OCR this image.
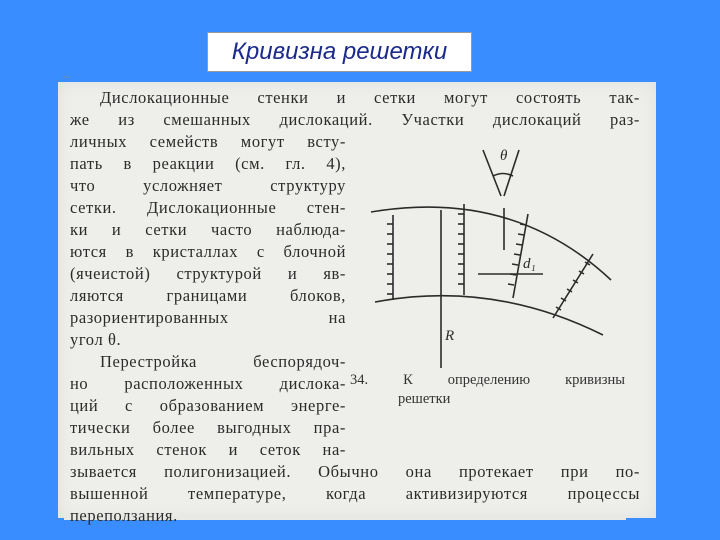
Кривизна решетки
~

Дислокационные стенки и сетки могут состоять так-

же из смешанных дислокаций. Участки дислокаций раз-

личных семейств могут всту-

пать в реакции (см. гл. 4),

что усложняет структуру

сетки. Дислокационные стен-

ки и сетки часто наблюда-

ются в кристаллах с блочной

(ячеистой) структурой и яв-

ляются границами блоков,

разориентированных на

угол θ.

Перестройка беспорядоч-

но расположенных дислока-

ций с образованием энерге-

тически более выгодных пра-

вильных стенок и сеток на-

зывается полигонизацией. Обычно она протекает при по-

вышенной температуре, когда активизируются процессы

переползания.

θ
d₁
R

34. К определению кривизны
решетки
